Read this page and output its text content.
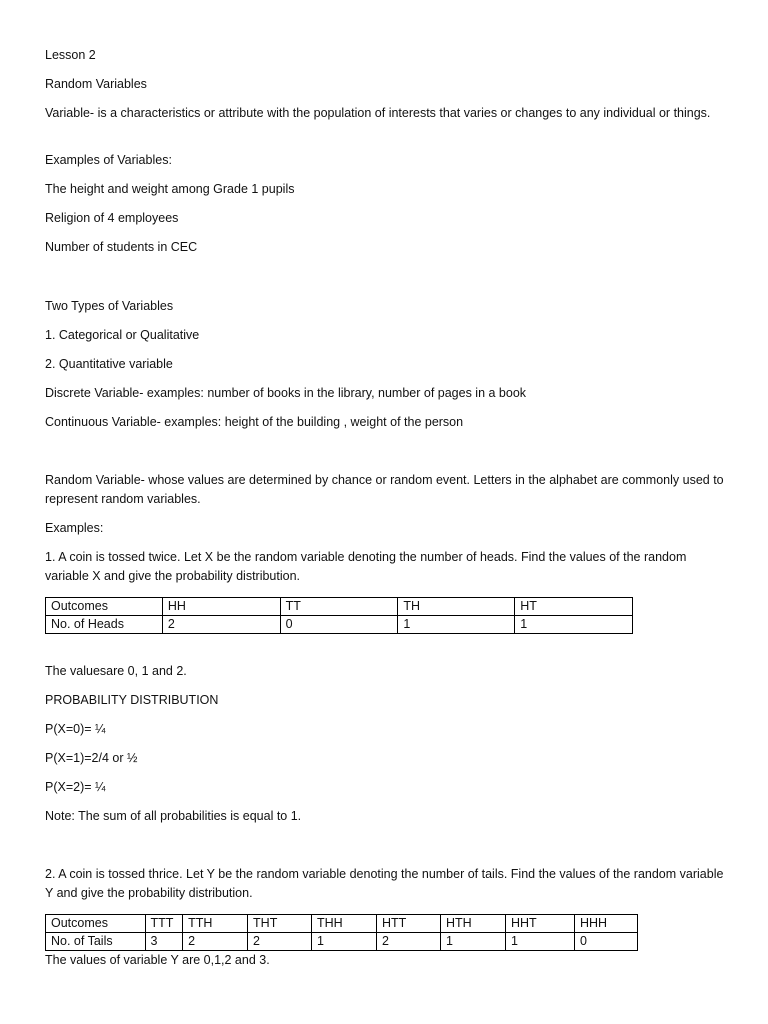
Lesson 2
Random Variables
Variable- is a characteristics or attribute with the population of interests that varies or changes to any individual or things.
Examples of Variables:
The height and weight among Grade 1 pupils
Religion of 4 employees
Number of students in CEC
Two Types of Variables
1. Categorical or Qualitative
2. Quantitative variable
Discrete Variable- examples: number of books in the library, number of pages in a book
Continuous Variable- examples: height of the building , weight of the person
Random Variable- whose values are determined by chance or random event. Letters in the alphabet are commonly used to represent random variables.
Examples:
1. A coin is tossed twice. Let X be the random variable denoting the number of heads. Find the values of the random variable X and give the probability distribution.
Outcomes	HH	TT	TH	HT
No. of Heads	2	0	1	1
The valuesare 0, 1 and 2.
PROBABILITY DISTRIBUTION
P(X=0)= ¼
P(X=1)=2/4 or ½
P(X=2)= ¼
Note: The sum of all probabilities is equal to 1.
2. A coin is tossed thrice. Let Y be the random variable denoting the number of tails. Find the values of the random variable Y and give the probability distribution.
Outcomes	TTT	TTH	THT	THH	HTT	HTH	HHT	HHH
No. of Tails	3	2	2	1	2	1	1	0
The values of variable Y are 0,1,2 and 3.
